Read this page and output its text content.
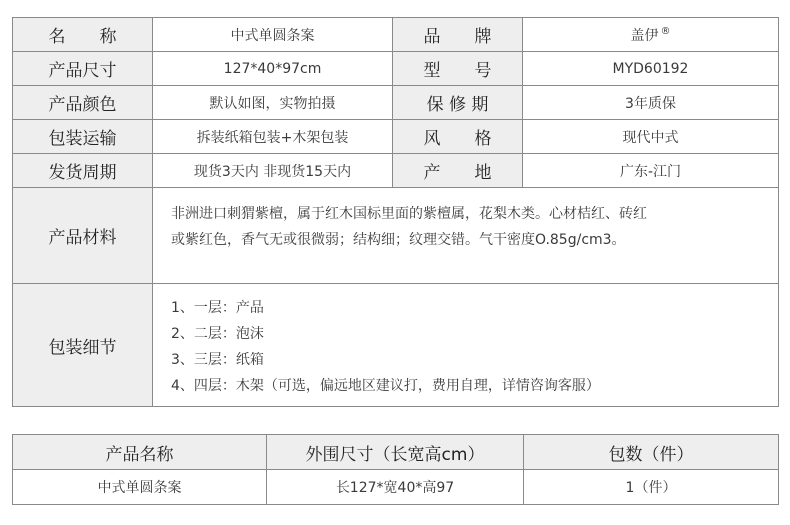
名　　称	中式单圆条案	品　　牌	盖伊 ®
产品尺寸	127*40*97cm	型　　号	MYD60192
产品颜色	默认如图，实物拍摄	保 修 期	3年质保
包装运输	拆装纸箱包装+木架包装	风　　格	现代中式
发货周期	现货3天内 非现货15天内	产　　地	广东-江门
产品材料	非洲进口刺猬紫檀，属于红木国标里面的紫檀属，花梨木类。心材桔红、砖红
或紫红色，香气无或很微弱；结构细；纹理交错。气干密度O.85g/cm3。		

包装细节	1、一层：产品
2、二层：泡沫
3、三层：纸箱
4、四层：木架（可选，偏远地区建议打，费用自理，详情咨询客服）		
产品名称	外围尺寸（长宽高cm）	包数（件）
中式单圆条案	长127*宽40*高97	1（件）
